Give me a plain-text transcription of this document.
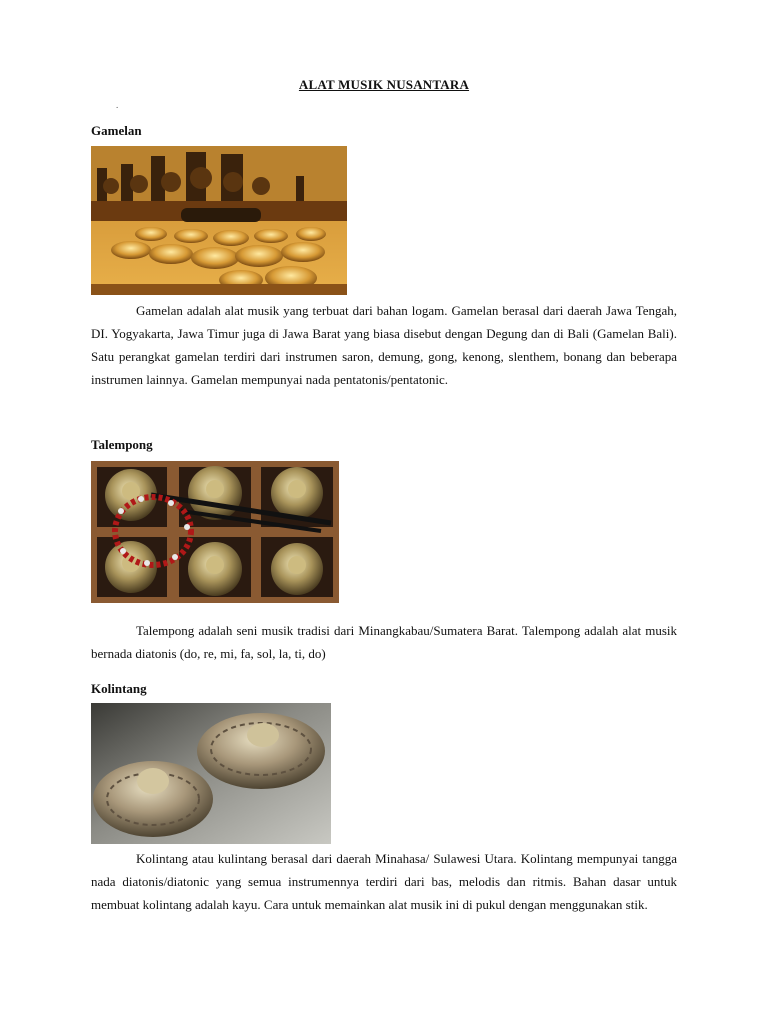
ALAT MUSIK NUSANTARA
.
Gamelan

Gamelan adalah alat musik yang terbuat dari bahan logam. Gamelan berasal dari daerah Jawa Tengah, DI. Yogyakarta, Jawa Timur juga di Jawa Barat yang biasa disebut dengan Degung dan di Bali (Gamelan Bali). Satu perangkat gamelan terdiri dari instrumen saron, demung, gong, kenong, slenthem, bonang dan beberapa instrumen lainnya. Gamelan mempunyai nada pentatonis/pentatonic.

Talempong

Talempong adalah seni musik tradisi dari Minangkabau/Sumatera Barat. Talempong adalah alat musik bernada diatonis (do, re, mi, fa, sol, la, ti, do)

Kolintang

Kolintang atau kulintang berasal dari daerah Minahasa/ Sulawesi Utara. Kolintang mempunyai tangga nada diatonis/diatonic yang semua instrumennya terdiri dari bas, melodis dan ritmis. Bahan dasar untuk membuat kolintang adalah kayu. Cara untuk memainkan alat musik ini di pukul dengan menggunakan stik.
